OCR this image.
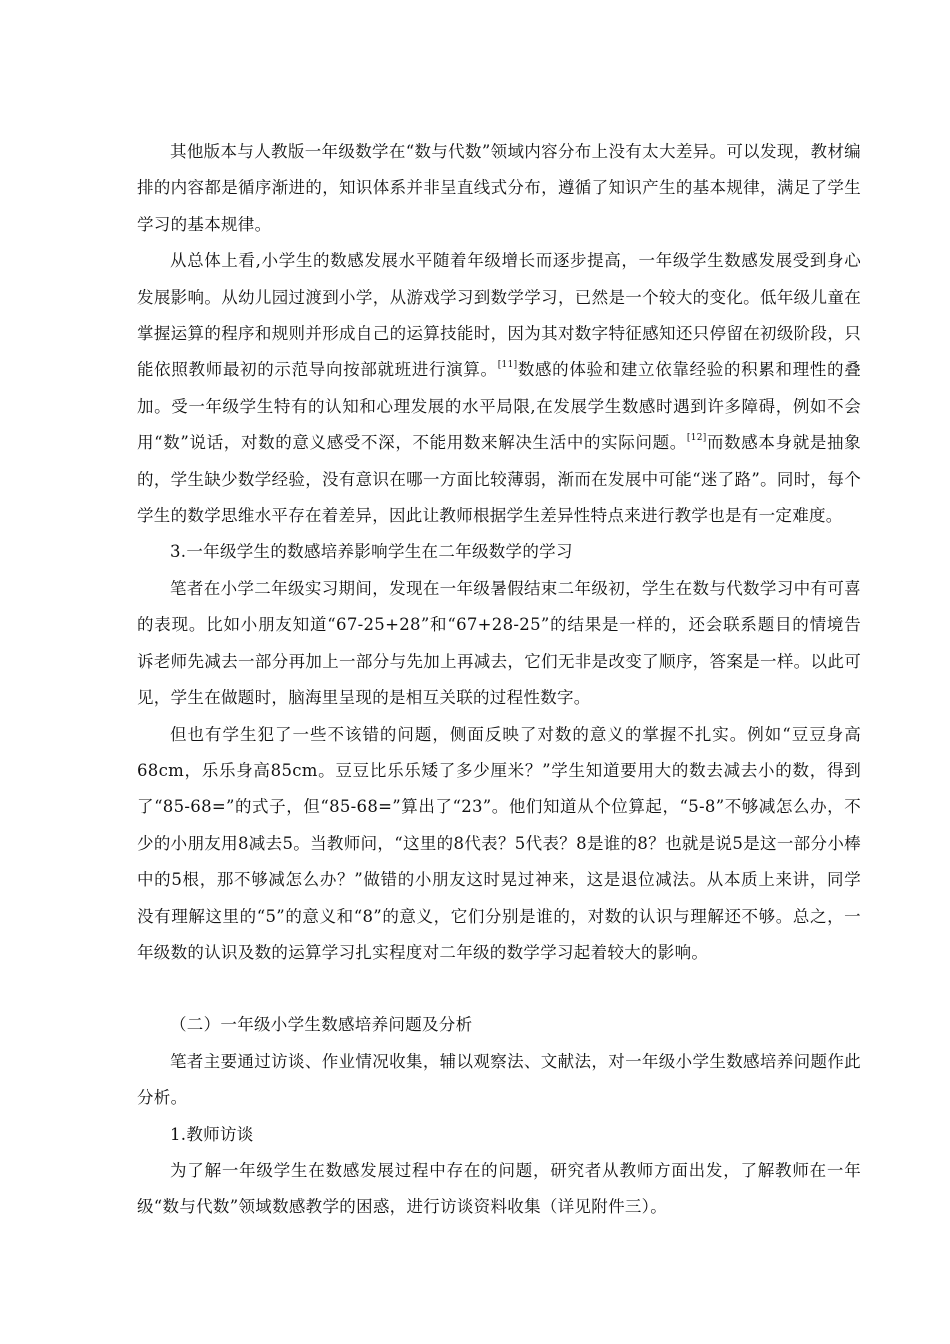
其他版本与人教版一年级数学在“数与代数”领域内容分布上没有太大差异。可以发现，教材编排的内容都是循序渐进的，知识体系并非呈直线式分布，遵循了知识产生的基本规律，满足了学生学习的基本规律。

从总体上看,小学生的数感发展水平随着年级增长而逐步提高，一年级学生数感发展受到身心发展影响。从幼儿园过渡到小学，从游戏学习到数学学习，已然是一个较大的变化。低年级儿童在掌握运算的程序和规则并形成自己的运算技能时，因为其对数字特征感知还只停留在初级阶段，只能依照教师最初的示范导向按部就班进行演算。[11]数感的体验和建立依靠经验的积累和理性的叠加。受一年级学生特有的认知和心理发展的水平局限,在发展学生数感时遇到许多障碍，例如不会用“数”说话，对数的意义感受不深，不能用数来解决生活中的实际问题。[12]而数感本身就是抽象的，学生缺少数学经验，没有意识在哪一方面比较薄弱，渐而在发展中可能“迷了路”。同时，每个学生的数学思维水平存在着差异，因此让教师根据学生差异性特点来进行教学也是有一定难度。

3.一年级学生的数感培养影响学生在二年级数学的学习

笔者在小学二年级实习期间，发现在一年级暑假结束二年级初，学生在数与代数学习中有可喜的表现。比如小朋友知道“67-25+28”和“67+28-25”的结果是一样的，还会联系题目的情境告诉老师先减去一部分再加上一部分与先加上再减去，它们无非是改变了顺序，答案是一样。以此可见，学生在做题时，脑海里呈现的是相互关联的过程性数字。

但也有学生犯了一些不该错的问题，侧面反映了对数的意义的掌握不扎实。例如“豆豆身高68cm，乐乐身高85cm。豆豆比乐乐矮了多少厘米？”学生知道要用大的数去减去小的数，得到了“85-68=”的式子，但“85-68=”算出了“23”。他们知道从个位算起，“5-8”不够减怎么办，不少的小朋友用8减去5。当教师问，“这里的8代表？5代表？8是谁的8？也就是说5是这一部分小棒中的5根，那不够减怎么办？”做错的小朋友这时晃过神来，这是退位减法。从本质上来讲，同学没有理解这里的“5”的意义和“8”的意义，它们分别是谁的，对数的认识与理解还不够。总之，一年级数的认识及数的运算学习扎实程度对二年级的数学学习起着较大的影响。

（二）一年级小学生数感培养问题及分析

笔者主要通过访谈、作业情况收集，辅以观察法、文献法，对一年级小学生数感培养问题作此分析。

1.教师访谈

为了解一年级学生在数感发展过程中存在的问题，研究者从教师方面出发，了解教师在一年级“数与代数”领域数感教学的困惑，进行访谈资料收集（详见附件三）。
